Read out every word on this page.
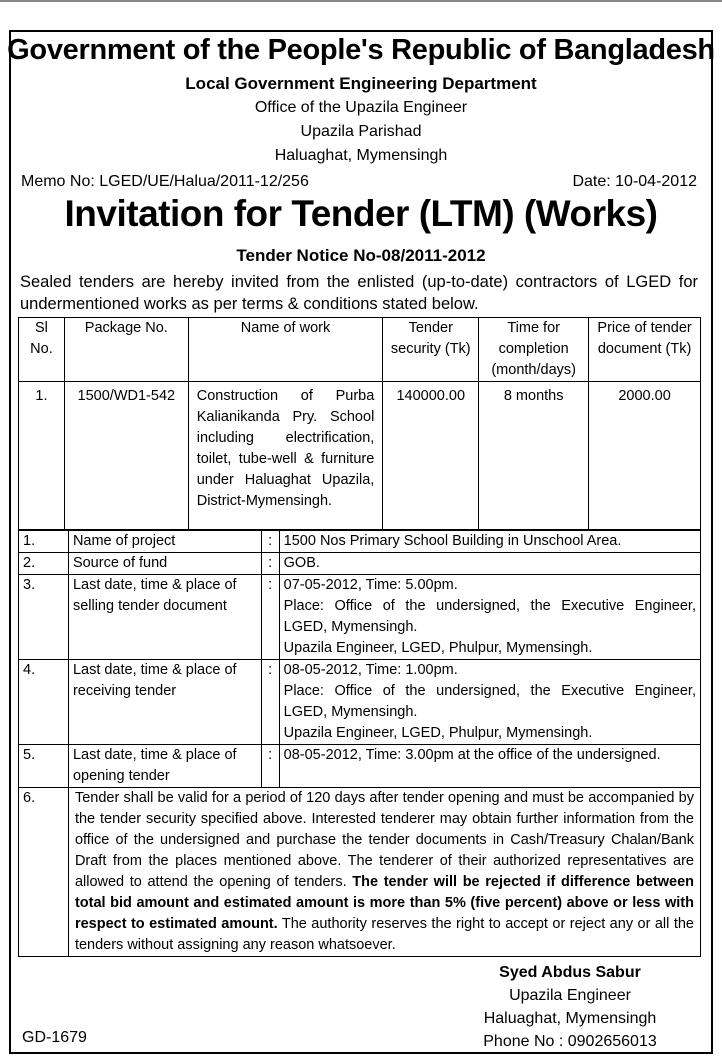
Government of the People's Republic of Bangladesh
Local Government Engineering Department
Office of the Upazila Engineer
Upazila Parishad
Haluaghat, Mymensingh
Memo No: LGED/UE/Halua/2011-12/256	Date: 10-04-2012
Invitation for Tender (LTM) (Works)
Tender Notice No-08/2011-2012
Sealed tenders are hereby invited from the enlisted (up-to-date) contractors of LGED for undermentioned works as per terms & conditions stated below.
Sl No.	Package No.	Name of work	Tender security (Tk)	Time for completion (month/days)	Price of tender document (Tk)
1.	1500/WD1-542	Construction of Purba Kalianikanda Pry. School including electrification, toilet, tube-well & furniture under Haluaghat Upazila, District-Mymensingh.	140000.00	8 months	2000.00
1.	Name of project	:	1500 Nos Primary School Building in Unschool Area.
2.	Source of fund	:	GOB.
3.	Last date, time & place of selling tender document	:	07-05-2012, Time: 5.00pm.
Place: Office of the undersigned, the Executive Engineer, LGED, Mymensingh.
Upazila Engineer, LGED, Phulpur, Mymensingh.

4.	Last date, time & place of receiving tender	:	08-05-2012, Time: 1.00pm.
Place: Office of the undersigned, the Executive Engineer, LGED, Mymensingh.
Upazila Engineer, LGED, Phulpur, Mymensingh.

5.	Last date, time & place of opening tender	:	08-05-2012, Time: 3.00pm at the office of the undersigned.
6.	Tender shall be valid for a period of 120 days after tender opening and must be accompanied by the tender security specified above. Interested tenderer may obtain further information from the office of the undersigned and purchase the tender documents in Cash/Treasury Chalan/Bank Draft from the places mentioned above. The tenderer of their authorized representatives are allowed to attend the opening of tenders. The tender will be rejected if difference between total bid amount and estimated amount is more than 5% (five percent) above or less with respect to estimated amount. The authority reserves the right to accept or reject any or all the tenders without assigning any reason whatsoever.		
Syed Abdus Sabur
Upazila Engineer
Haluaghat, Mymensingh
Phone No : 0902656013
GD-1679
